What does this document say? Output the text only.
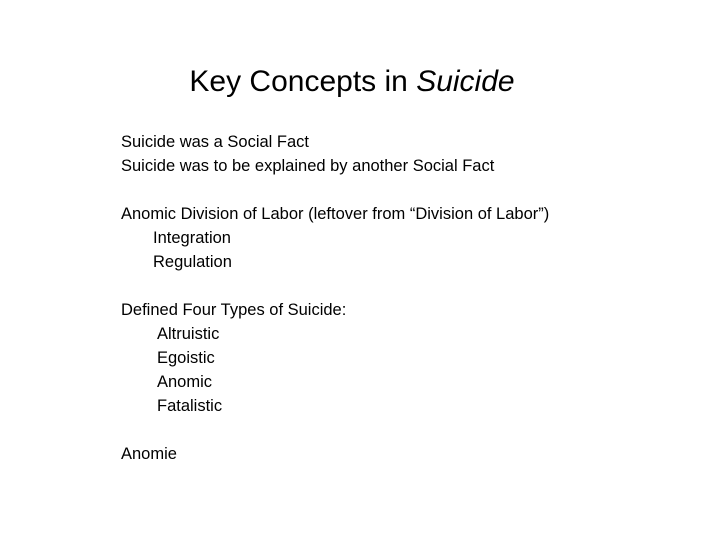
Key Concepts in Suicide
Suicide was a Social Fact
Suicide was to be explained by another Social Fact
Anomic Division of Labor (leftover from “Division of Labor”)
Integration
Regulation
Defined Four Types of Suicide:
Altruistic
Egoistic
Anomic
Fatalistic
Anomie
